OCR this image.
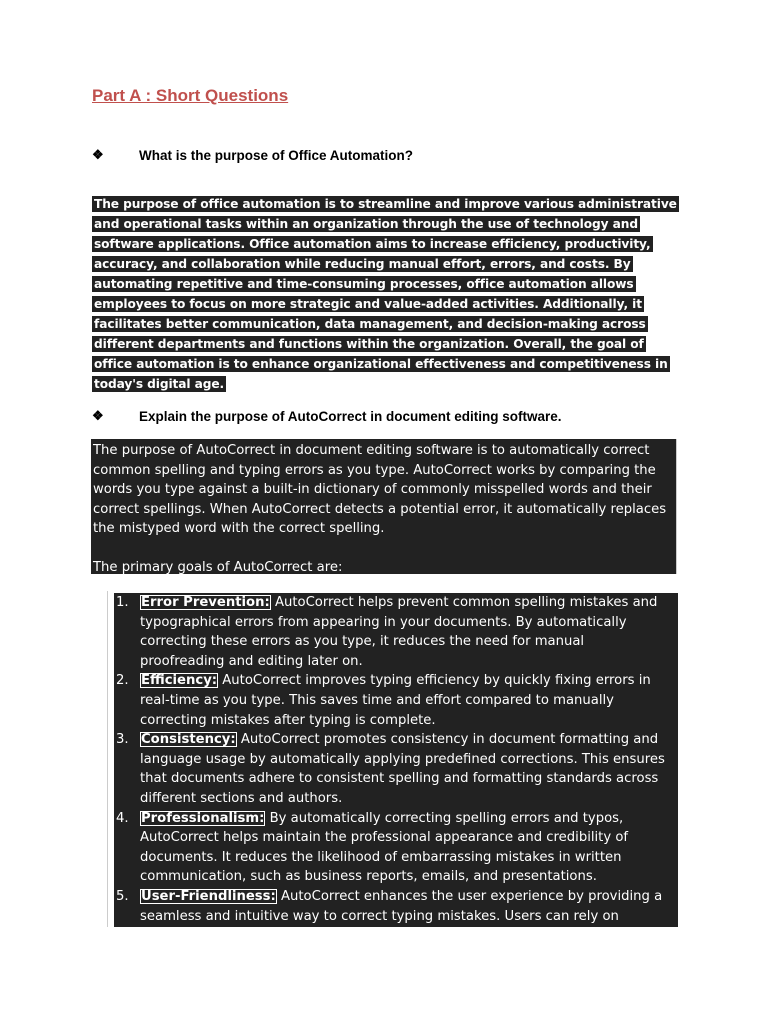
Part A : Short Questions
❖	What is the purpose of Office Automation?

The purpose of office automation is to streamline and improve various administrative and operational tasks within an organization through the use of technology and software applications. Office automation aims to increase efficiency, productivity, accuracy, and collaboration while reducing manual effort, errors, and costs. By automating repetitive and time-consuming processes, office automation allows employees to focus on more strategic and value-added activities. Additionally, it facilitates better communication, data management, and decision-making across different departments and functions within the organization. Overall, the goal of office automation is to enhance organizational effectiveness and competitiveness in today's digital age.

❖	Explain the purpose of AutoCorrect in document editing software.

The purpose of AutoCorrect in document editing software is to automatically correct common spelling and typing errors as you type. AutoCorrect works by comparing the words you type against a built-in dictionary of commonly misspelled words and their correct spellings. When AutoCorrect detects a potential error, it automatically replaces the mistyped word with the correct spelling.

The primary goals of AutoCorrect are:

1. Error Prevention: AutoCorrect helps prevent common spelling mistakes and typographical errors from appearing in your documents. By automatically correcting these errors as you type, it reduces the need for manual proofreading and editing later on.
2. Efficiency: AutoCorrect improves typing efficiency by quickly fixing errors in real-time as you type. This saves time and effort compared to manually correcting mistakes after typing is complete.
3. Consistency: AutoCorrect promotes consistency in document formatting and language usage by automatically applying predefined corrections. This ensures that documents adhere to consistent spelling and formatting standards across different sections and authors.
4. Professionalism: By automatically correcting spelling errors and typos, AutoCorrect helps maintain the professional appearance and credibility of documents. It reduces the likelihood of embarrassing mistakes in written communication, such as business reports, emails, and presentations.
5. User-Friendliness: AutoCorrect enhances the user experience by providing a seamless and intuitive way to correct typing mistakes. Users can rely on
